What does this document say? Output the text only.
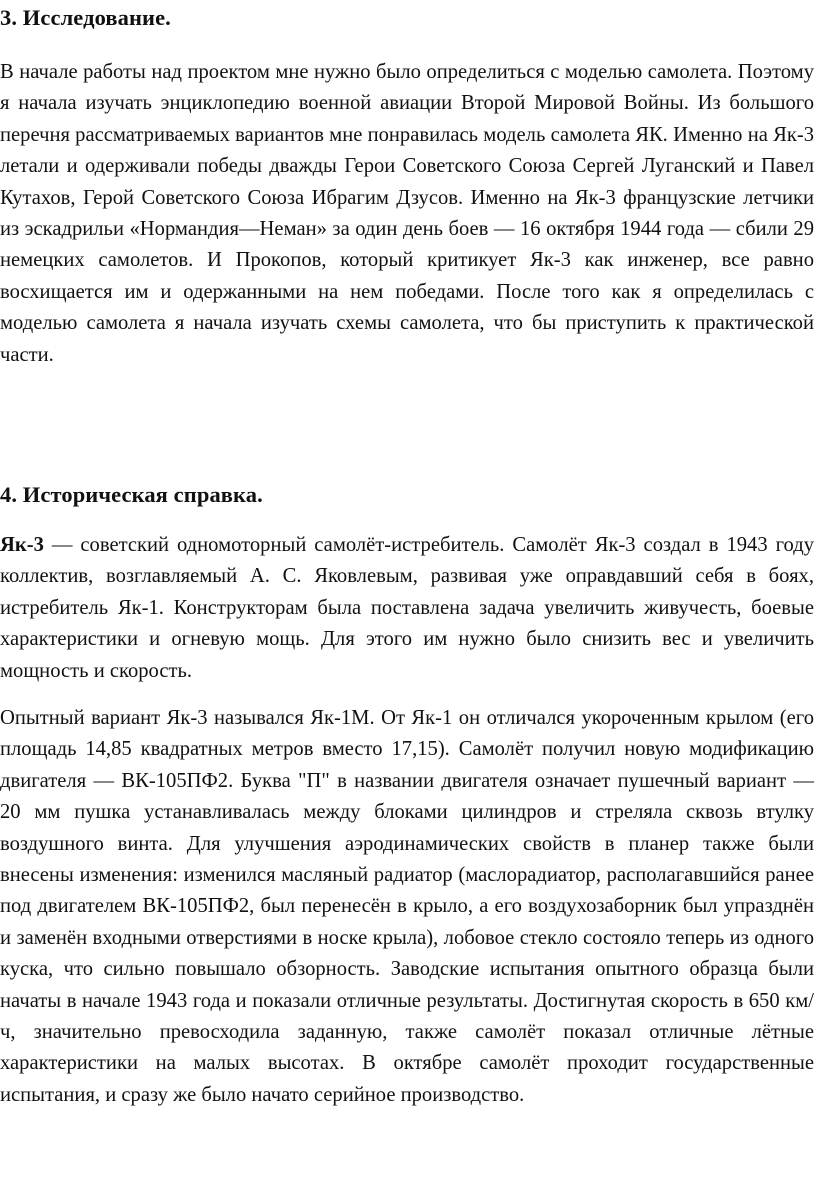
3. Исследование.

В начале работы над проектом мне нужно было определиться с моделью самолета. Поэтому я начала изучать энциклопедию военной авиации Второй Мировой Войны. Из большого перечня рассматриваемых вариантов мне понравилась модель самолета ЯК. Именно на Як-3 летали и одерживали победы дважды Герои Советского Союза Сергей Луганский и Павел Кутахов, Герой Советского Союза Ибрагим Дзусов. Именно на Як-3 французские летчики из эскадрильи «Нормандия—Неман» за один день боев — 16 октября 1944 года — сбили 29 немецких самолетов. И Прокопов, который критикует Як-3 как инженер, все равно восхищается им и одержанными на нем победами. После того как я определилась с моделью самолета я начала изучать схемы самолета, что бы приступить к практической части.

4. Историческая справка.

Як-3 — советский одномоторный самолёт-истребитель. Самолёт Як-3 создал в 1943 году коллектив, возглавляемый А. С. Яковлевым, развивая уже оправдавший себя в боях, истребитель Як-1. Конструкторам была поставлена задача увеличить живучесть, боевые характеристики и огневую мощь. Для этого им нужно было снизить вес и увеличить мощность и скорость.

Опытный вариант Як-3 назывался Як-1М. От Як-1 он отличался укороченным крылом (его площадь 14,85 квадратных метров вместо 17,15). Самолёт получил новую модификацию двигателя — ВК-105ПФ2. Буква "П" в названии двигателя означает пушечный вариант — 20 мм пушка устанавливалась между блоками цилиндров и стреляла сквозь втулку воздушного винта. Для улучшения аэродинамических свойств в планер также были внесены изменения: изменился масляный радиатор (маслорадиатор, располагавшийся ранее под двигателем ВК-105ПФ2, был перенесён в крыло, а его воздухозаборник был упразднён и заменён входными отверстиями в носке крыла), лобовое стекло состояло теперь из одного куска, что сильно повышало обзорность. Заводские испытания опытного образца были начаты в начале 1943 года и показали отличные результаты. Достигнутая скорость в 650 км/ч, значительно превосходила заданную, также самолёт показал отличные лётные характеристики на малых высотах. В октябре самолёт проходит государственные испытания, и сразу же было начато серийное производство.
